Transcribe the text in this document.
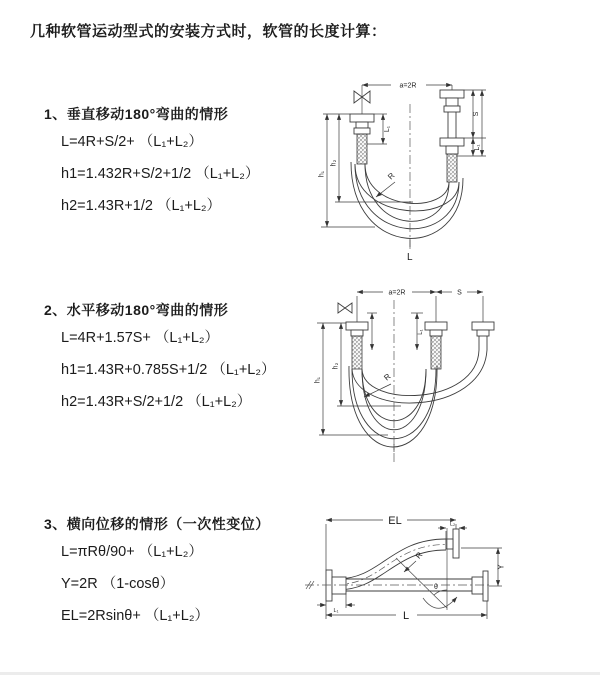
几种软管运动型式的安装方式时，软管的长度计算：
1、垂直移动180°弯曲的情形
L=4R+S/2+ （L₁+L₂）
h1=1.432R+S/2+1/2 （L₁+L₂）
h2=1.43R+1/2 （L₁+L₂）
2、水平移动180°弯曲的情形
L=4R+1.57S+ （L₁+L₂）
h1=1.43R+0.785S+1/2 （L₁+L₂）
h2=1.43R+S/2+1/2 （L₁+L₂）
3、横向位移的情形（一次性变位）
L=πRθ/90+ （L₁+L₂）
Y=2R （1-cosθ）
EL=2Rsinθ+ （L₁+L₂）
a=2R
h₁
h₂
L₁
S
L₁
R
L
a=2R	S
L₁
h₁
h₂
R
EL	L₂
θ
R
Y
L₁	L
